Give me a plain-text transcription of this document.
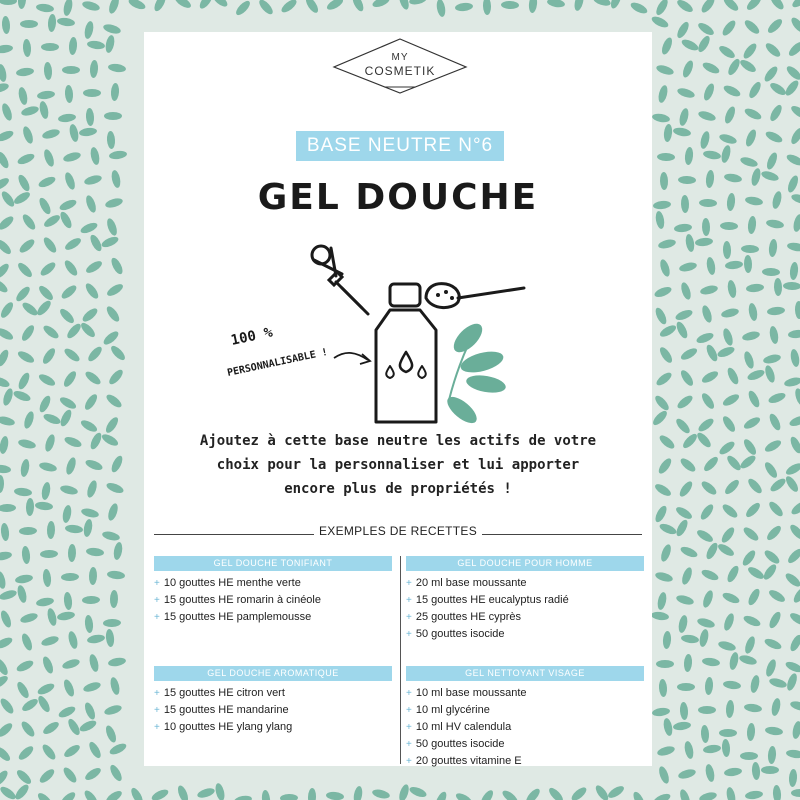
MY
COSMETIK
BASE NEUTRE N°6
GEL DOUCHE
100 %
PERSONNALISABLE !
Ajoutez à cette base neutre les actifs de votre
choix pour la personnaliser et lui apporter
encore plus de propriétés !
EXEMPLES DE RECETTES
GEL DOUCHE TONIFIANT
+ 10 gouttes HE menthe verte
+ 15 gouttes HE romarin à cinéole
+ 15 gouttes HE pamplemousse
GEL DOUCHE POUR HOMME
+ 20 ml base moussante
+ 15 gouttes HE eucalyptus radié
+ 25 gouttes HE cyprès
+ 50 gouttes isocide
GEL DOUCHE AROMATIQUE
+ 15 gouttes HE citron vert
+ 15 gouttes HE mandarine
+ 10 gouttes HE ylang ylang
GEL NETTOYANT VISAGE
+ 10 ml base moussante
+ 10 ml glycérine
+ 10 ml HV calendula
+ 50 gouttes isocide
+ 20 gouttes vitamine E
